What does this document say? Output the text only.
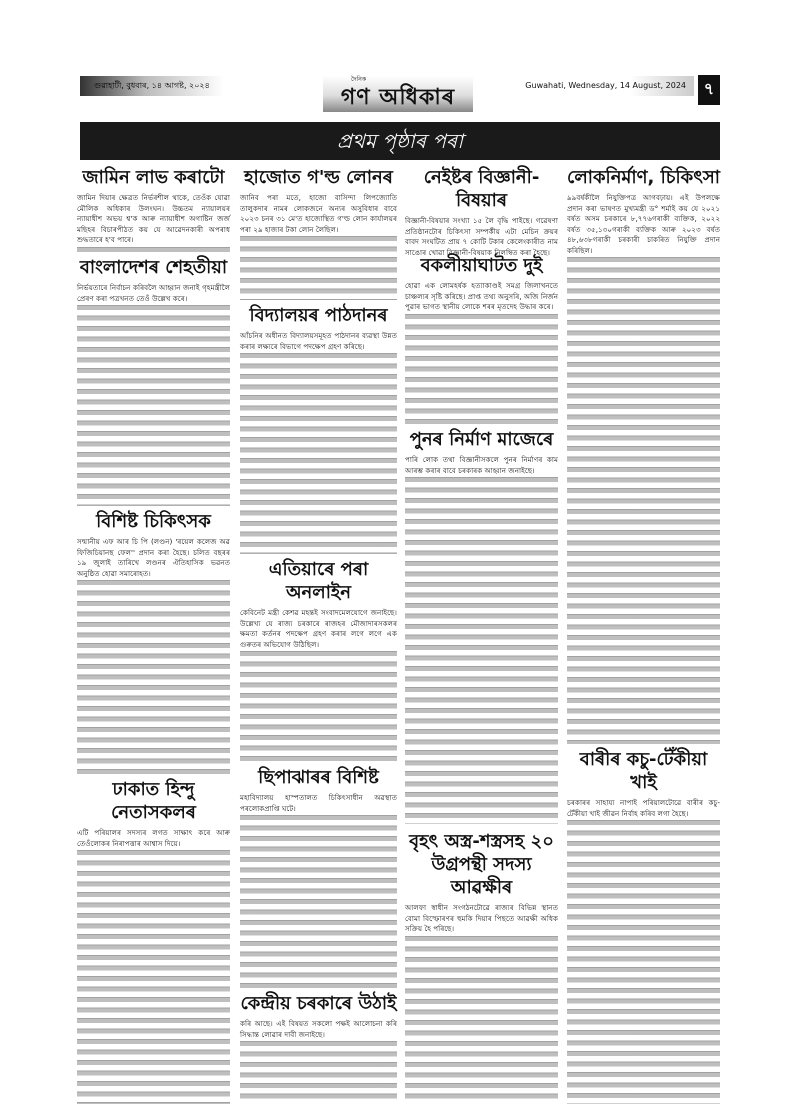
গুৱাহাটী, বুধবাৰ, ১৪ আগষ্ট, ২০২৪
দৈনিক
গণ অধিকাৰ	Guwahati, Wednesday, 14 August, 2024	৭
প্ৰথম পৃষ্ঠাৰ পৰা
জামিন লাভ কৰাটো

জামিন দিয়াৰ ক্ষেত্ৰত নিৰ্ভৰশীল থাকে, তেওঁক যোৱা মৌলিক অধিকাৰ উলংঘন। উচ্চতম ন্যায়ালয়ৰ ন্যায়াধীশ অভয় শ্ব'ক আৰু ন্যায়াধীশ অগাষ্টিন জৰ্জ মছিহৰ বিচাৰপীঠত কয় যে আৱেদনকাৰী অপৰাধ শুদ্ধতাৰে হ'ব পাৰে।

বাংলাদেশৰ শেহতীয়া

নিৰ্ভয়তাৰে নিৰ্বাচন কৰিবলৈ আহ্বান জনাই গৃহমন্ত্ৰীলৈ প্ৰেৰণ কৰা পত্ৰখনত তেওঁ উল্লেখ কৰে।

বিশিষ্ট চিকিৎসক

সন্মানীয় এফ আৰ চি পি (লণ্ডন) 'ৰয়েল কলেজ অৱ ফিজিচিয়ানছ ফেল'' প্ৰদান কৰা হৈছে। চলিত বছৰৰ ১৯ জুলাই তাৰিখে লণ্ডনৰ ঐতিহাসিক ভৱনত অনুষ্ঠিত হোৱা সমাৰোহত।

ঢাকাত হিন্দু নেতাসকলৰ

এটি পৰিয়ালৰ সদস্যৰ লগত সাক্ষাৎ কৰে আৰু তেওঁলোকৰ নিৰাপত্তাৰ আশ্বাস দিয়ে।

হাজোত গ'ল্ড লোনৰ

জানিব পৰা মতে, হাজো বাসিন্দা লিপজ্যোতি তালুকদাৰ নামৰ লোকজনে অন্যৰ অসুবিধাৰ বাবে ২০২৩ চনৰ ৩১ মে'ত হাজোস্থিত গ'ল্ড লোন কাৰ্যালয়ৰ পৰা ২৯ হাজাৰ টকা লোন লৈছিল।

বিদ্যালয়ৰ পাঠদানৰ

আঁচনিৰ অধীনত বিদ্যালয়সমূহত পাঠদানৰ ব্যৱস্থা উন্নত কৰাৰ লক্ষ্যৰে বিভাগে পদক্ষেপ গ্ৰহণ কৰিছে।

এতিয়াৰে পৰা অনলাইন

কেবিনেট মন্ত্ৰী কেশৱ মহন্তই সংবাদমেলযোগে জনাইছে। উল্লেখ্য যে ৰাজ্য চৰকাৰে ৰাজহৰ মৌজাদাৰসকলৰ ক্ষমতা কৰ্তনৰ পদক্ষেপ গ্ৰহণ কৰাৰ লগে লগে এক গুৰুতৰ অভিযোগ উঠিছিল।

ছিপাঝাৰৰ বিশিষ্ট

মহাবিদ্যালয় হাস্পতালত চিকিৎসাধীন অৱস্থাত পৰলোকপ্ৰাপ্তি ঘটে।

কেন্দ্ৰীয় চৰকাৰে উঠাই

কৰি আছে। এই বিষয়ত সকলো পক্ষই আলোচনা কৰি সিদ্ধান্ত লোৱাৰ দাবী জনাইছে।

নেইষ্টৰ বিজ্ঞানী-বিষয়াৰ

বিজ্ঞানী-বিষয়াৰ সংখ্যা ১৫ লৈ বৃদ্ধি পাইছে। গৱেষণা প্ৰতিষ্ঠানটোৰ চিকিৎসা সম্পৰ্কীয় এটা মেচিন ক্ৰয়ৰ বাবদ সংঘটিত প্ৰায় ৭ কোটি টকাৰ কেলেংকাৰীত নাম সাঙোৰ খোৱা বিজ্ঞানী-বিষয়াক নিলম্বিত কৰা হৈছে।

বকলীয়াঘাটত দুই

হোৱা এক লোমহৰ্ষক হত্যাকাণ্ডই সমগ্ৰ জিলাখনতে চাঞ্চল্যৰ সৃষ্টি কৰিছে। প্ৰাপ্ত তথ্য অনুসৰি, অজি নিৰ্জন পুৱাৰ ভাগত স্থানীয় লোকে শৰৰ মৃতদেহ উদ্ধাৰ কৰে।

পুনৰ নিৰ্মাণ মাজেৰে

পাৰি লোক তথা বিজ্ঞানীসকলে পুনৰ নিৰ্মাণৰ কাম আৰম্ভ কৰাৰ বাবে চৰকাৰক আহ্বান জনাইছে।

বৃহৎ অস্ত্ৰ-শস্ত্ৰসহ ২০ উগ্ৰপন্থী সদস্য আৱক্ষীৰ

আলফা স্বাধীন সংগঠনটোৱে ৰাজ্যৰ বিভিন্ন স্থানত বোমা বিস্ফোৰণৰ হুমকি দিয়াৰ পিছতে আৱক্ষী অধিক সক্ৰিয় হৈ পৰিছে।

লোকনিৰ্মাণ, চিকিৎসা

৯৯বৰ্ষকীলৈ নিযুক্তিপত্ৰ আগবঢ়ায়। এই উপলক্ষে প্ৰদান কৰা ভাষণত মুখ্যমন্ত্ৰী ড° শৰ্মাই কয় যে ২০২১ বৰ্ষত অসম চৰকাৰে ৮,৭৭৬গৰাকী ব্যক্তিক, ২০২২ বৰ্ষত ৩৫,১৩০গৰাকী ব্যক্তিক আৰু ২০২৩ বৰ্ষত ৪৮,৬৩৮গৰাকী চৰকাৰী চাকৰিত নিযুক্তি প্ৰদান কৰিছিল।

বাৰীৰ কচু-টেঁকীয়া খাই

চৰকাৰৰ সাহায্য নাপাই পৰিয়ালটোৱে বাৰীৰ কচু-টেঁকীয়া খাই জীৱন নিৰ্বাহ কৰিব লগা হৈছে।
